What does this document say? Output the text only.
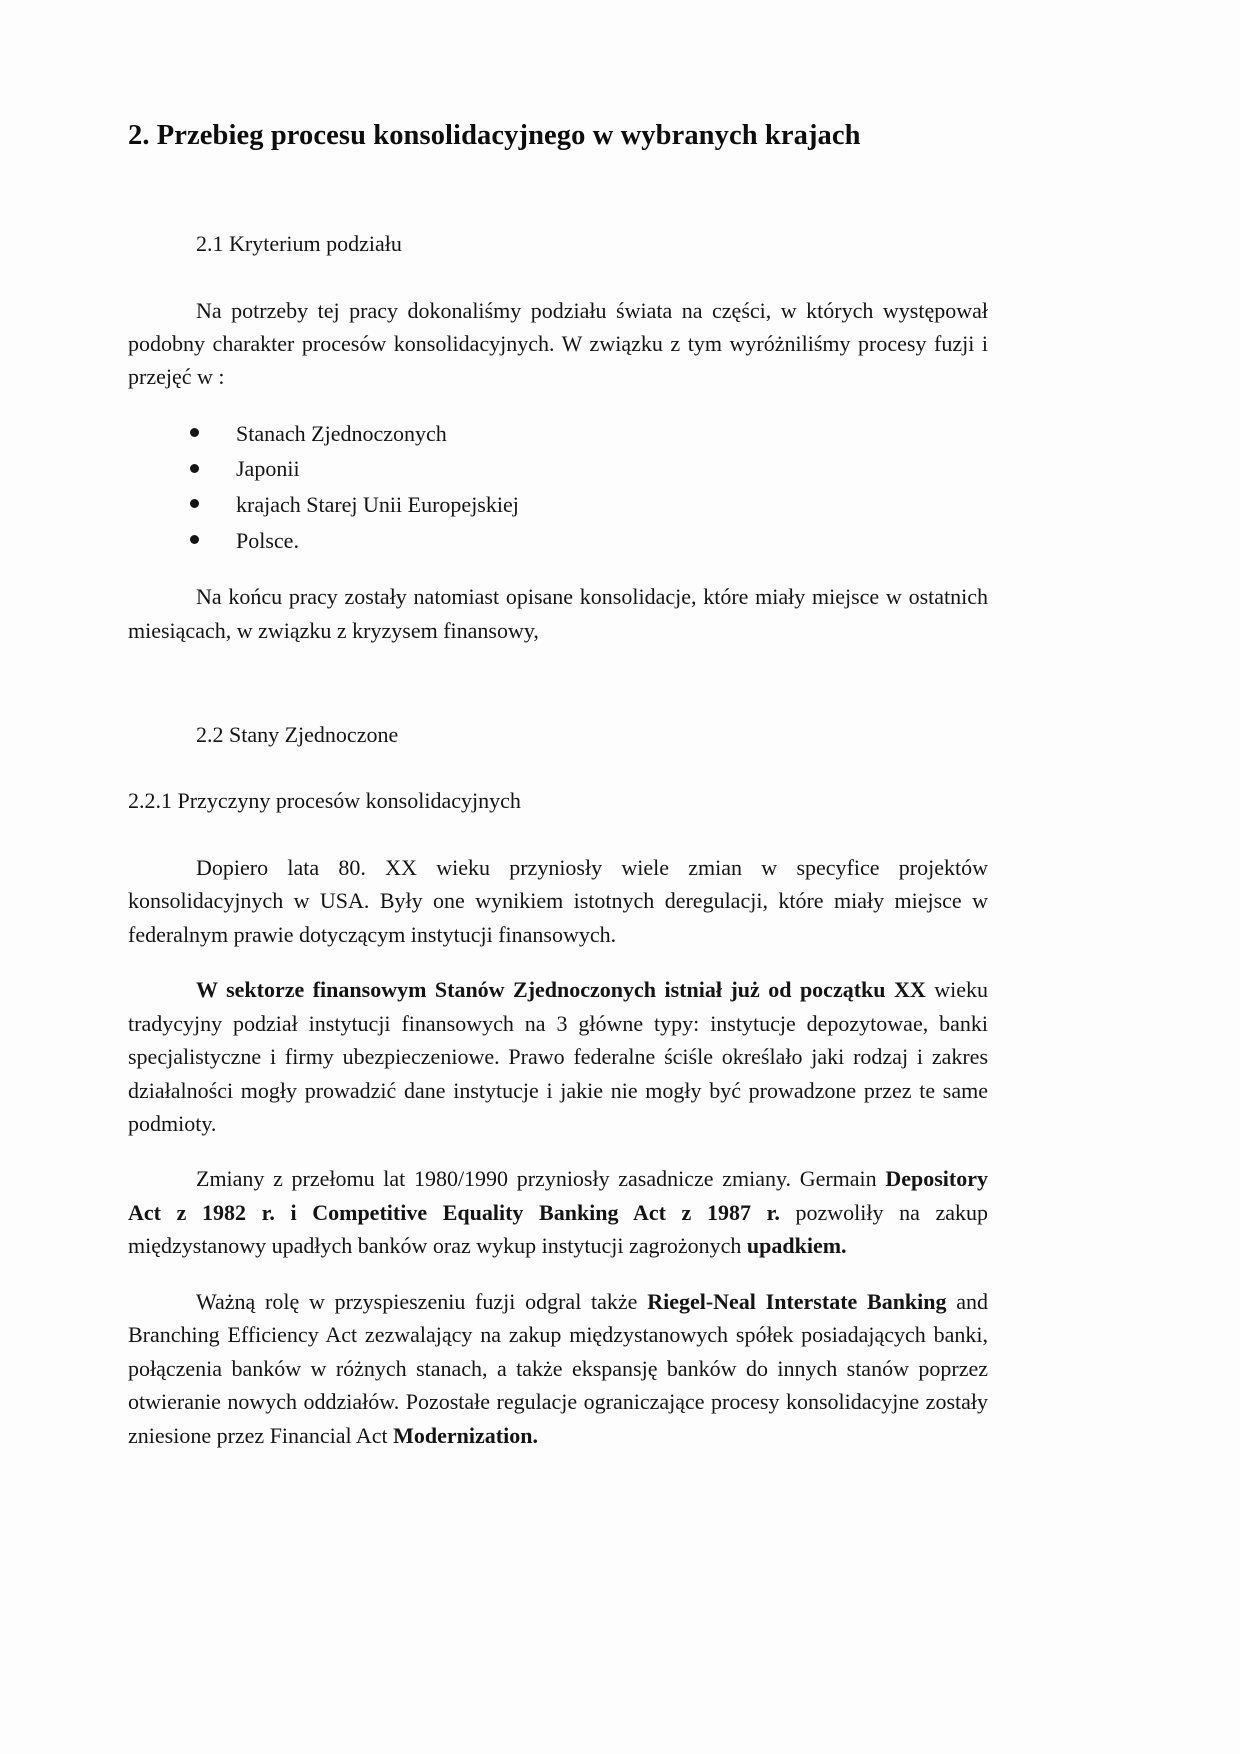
2. Przebieg procesu konsolidacyjnego w wybranych krajach
2.1 Kryterium podziału

Na potrzeby tej pracy dokonaliśmy podziału świata na części, w których występował podobny charakter procesów konsolidacyjnych. W związku z tym wyróżniliśmy procesy fuzji i przejęć w :

Stanach Zjednoczonych
Japonii
krajach Starej Unii Europejskiej
Polsce.

Na końcu pracy zostały natomiast opisane konsolidacje, które miały miejsce w ostatnich miesiącach, w związku z kryzysem finansowy,

2.2 Stany Zjednoczone
2.2.1 Przyczyny procesów konsolidacyjnych

Dopiero lata 80. XX wieku przyniosły wiele zmian w specyfice projektów konsolidacyjnych w USA. Były one wynikiem istotnych deregulacji, które miały miejsce w federalnym prawie dotyczącym instytucji finansowych.

W sektorze finansowym Stanów Zjednoczonych istniał już od początku XX wieku tradycyjny podział instytucji finansowych na 3 główne typy: instytucje depozytowae, banki specjalistyczne i firmy ubezpieczeniowe. Prawo federalne ściśle określało jaki rodzaj i zakres działalności mogły prowadzić dane instytucje i jakie nie mogły być prowadzone przez te same podmioty.

Zmiany z przełomu lat 1980/1990 przyniosły zasadnicze zmiany. Germain Depository Act z 1982 r. i Competitive Equality Banking Act z 1987 r. pozwoliły na zakup międzystanowy upadłych banków oraz wykup instytucji zagrożonych upadkiem.

Ważną rolę w przyspieszeniu fuzji odgral także Riegel-Neal Interstate Banking and Branching Efficiency Act zezwalający na zakup międzystanowych spółek posiadających banki, połączenia banków w różnych stanach, a także ekspansję banków do innych stanów poprzez otwieranie nowych oddziałów. Pozostałe regulacje ograniczające procesy konsolidacyjne zostały zniesione przez Financial Act Modernization.
